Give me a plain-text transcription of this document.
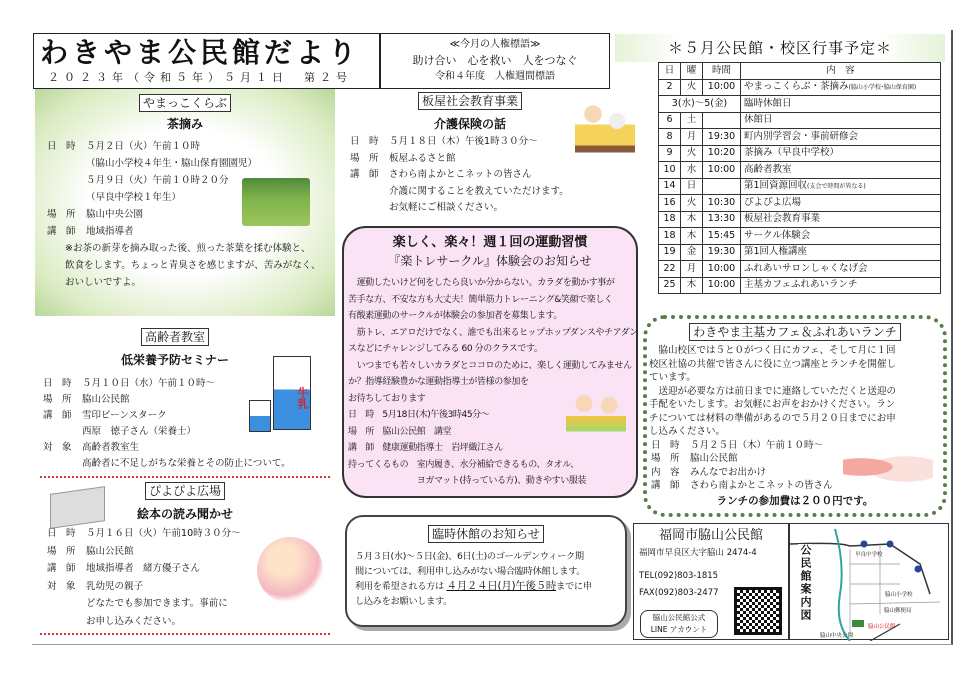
わきやま公民館だより
２０２３年（令和５年）５月１日　第２号
≪今月の人権標語≫
助け合い　心を救い　人をつなぐ
令和４年度　人権週間標語
やまっこくらぶ
茶摘み
日　時 ５月２日（火）午前１０時
（脇山小学校４年生・脇山保育園園児）
５月９日（火）午前１０時２０分
（早良中学校１年生）
場　所 脇山中央公園
講　師 地域指導者
※お茶の新芽を摘み取った後、煎った茶葉を揉む体験と、
飲食をします。ちょっと青臭さを感じますが、苦みがなく、
おいしいですよ。
高齢者教室
低栄養予防セミナー
日　時 ５月１０日（水）午前１０時～
場　所 脇山公民館
講　師 雪印ビーンスターク
西原　徳子さん（栄養士）
対　象 高齢者教室生
高齢者に不足しがちな栄養とその防止について。
牛乳
ぴよぴよ広場
絵本の読み聞かせ
日　時 ５月１６日（火）午前10時３０分～
場　所 脇山公民館
講　師 地域指導者　緒方優子さん
対　象 乳幼児の親子
どなたでも参加できます。事前に
お申し込みください。
板屋社会教育事業
介護保険の話
日　時 ５月１８日（木）午後1時３０分～
場　所 板屋ふるさと館
講　師 さわら南よかとこネットの皆さん
介護に関することを教えていただけます。
お気軽にご相談ください。
楽しく、楽々！週１回の運動習慣
『楽トレサークル』体験会のお知らせ
　運動したいけど何をしたら良いか分からない。カラダを動かす事が
苦手な方、不安な方も大丈夫！簡単筋力トレーニング&笑顔で楽しく
有酸素運動のサークルが体験会の参加者を募集します。
　筋トレ、エアロだけでなく、誰でも出来るヒップホップダンスやチアダン
スなどにチャレンジしてみる 60 分のクラスです。
　いつまでも若々しいカラダとココロのために、楽しく運動してみません
か？指導経験豊かな運動指導士が皆様の参加を
お待ちしております
日　時　5月18日(木)午後3時45分～
場　所　脇山公民館　講堂
講　師　健康運動指導士　岩坪織江さん
持ってくるもの　室内履き、水分補給できるもの、タオル、
　　　　　　　　ヨガマット(持っている方)、動きやすい服装
臨時休館のお知らせ
５月３日(水)～５日(金)、6日(土)のゴールデンウィーク期
間については、利用申し込みがない場合臨時休館します。
利用を希望される方は ４月２４日(月)午後５時までに申
し込みをお願いします。
＊５月公民館・校区行事予定＊
日	曜	時間	内　容
2	火	10:00	やまっこくらぶ・茶摘み(脇山小学校･脇山保育園)
3(水)～5(金)			臨時休館日
6	土		休館日
8	月	19:30	町内別学習会・事前研修会
9	火	10:20	茶摘み（早良中学校）
10	水	10:00	高齢者教室
14	日		第1回資源回収(支会で時間が異なる)
16	火	10:30	ぴよぴよ広場
18	木	13:30	板屋社会教育事業
18	木	15:45	サークル体験会
19	金	19:30	第1回人権講座
22	月	10:00	ふれあいサロンしゃくなげ会
25	木	10:00	主基カフェふれあいランチ
わきやま主基カフェ＆ふれあいランチ
　脇山校区では５と０がつく日にカフェ、そして月に１回
校区社協の共催で皆さんに役に立つ講座とランチを開催し
ています。
　送迎が必要な方は前日までに連絡していただくと送迎の
手配をいたします。お気軽にお声をおかけください。ラン
チについては材料の準備があるので５月２０日までにお申
し込みください。
日　時 ５月２５日（木）午前１０時～
場　所 脇山公民館
内　容 みんなでお出かけ
講　師 さわら南よかとこネットの皆さん
ランチの参加費は２００円です。
福岡市脇山公民館
福岡市早良区大字脇山 2474-4
TEL(092)803-1815
FAX(092)803-2477
脇山公民館公式
LINE アカウント
公民館案内図
脇山公民館
脇山小学校
早良中学校
脇山郵便局
脇山中央公園
